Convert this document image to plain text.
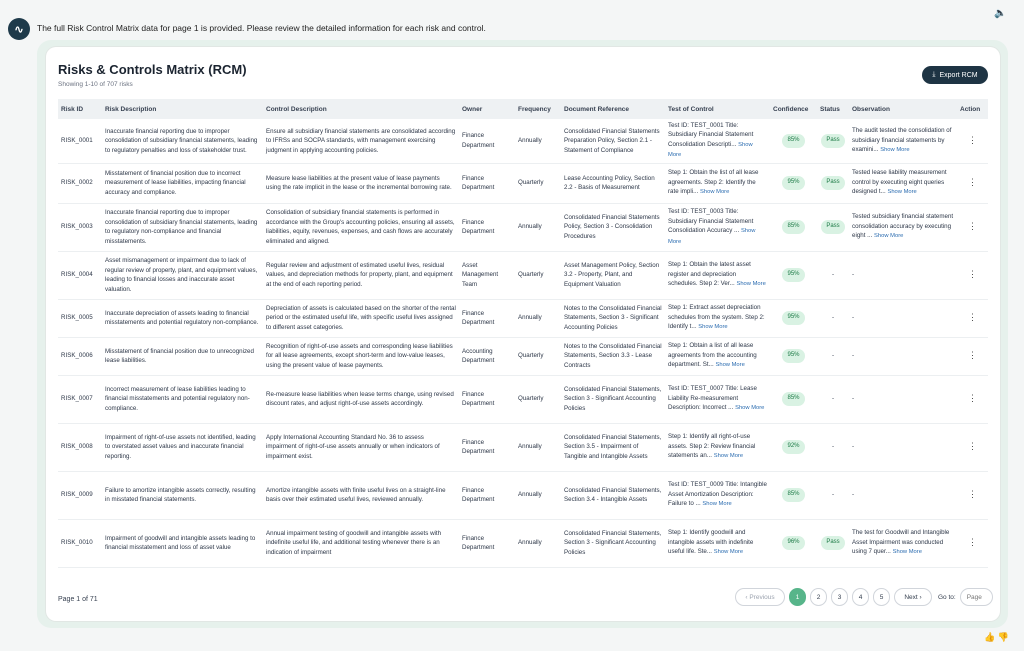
∿	The full Risk Control Matrix data for page 1 is provided. Please review the detailed information for each risk and control.
🔈
Risks & Controls Matrix (RCM)
Showing 1-10 of 707 risks
⤓ Export RCM
Risk ID	Risk Description	Control Description	Owner	Frequency	Document Reference	Test of Control	Confidence	Status	Observation	Action
RISK_0001	Inaccurate financial reporting due to improper consolidation of subsidiary financial statements, leading to regulatory penalties and loss of stakeholder trust.	Ensure all subsidiary financial statements are consolidated according to IFRSs and SOCPA standards, with management exercising judgment in applying accounting policies.	Finance Department	Annually	Consolidated Financial Statements Preparation Policy, Section 2.1 - Statement of Compliance	Test ID: TEST_0001 Title: Subsidiary Financial Statement Consolidation Descripti... Show More	85%	Pass	The audit tested the consolidation of subsidiary financial statements by examini... Show More	⋮
RISK_0002	Misstatement of financial position due to incorrect measurement of lease liabilities, impacting financial accuracy and compliance.	Measure lease liabilities at the present value of lease payments using the rate implicit in the lease or the incremental borrowing rate.	Finance Department	Quarterly	Lease Accounting Policy, Section 2.2 - Basis of Measurement	Step 1: Obtain the list of all lease agreements. Step 2: Identify the rate impli... Show More	95%	Pass	Tested lease liability measurement control by executing eight queries designed t... Show More	⋮
RISK_0003	Inaccurate financial reporting due to improper consolidation of subsidiary financial statements, leading to regulatory non-compliance and financial misstatements.	Consolidation of subsidiary financial statements is performed in accordance with the Group's accounting policies, ensuring all assets, liabilities, equity, revenues, expenses, and cash flows are accurately eliminated and aligned.	Finance Department	Annually	Consolidated Financial Statements Policy, Section 3 - Consolidation Procedures	Test ID: TEST_0003 Title: Subsidiary Financial Statement Consolidation Accuracy ... Show More	85%	Pass	Tested subsidiary financial statement consolidation accuracy by executing eight ... Show More	⋮
RISK_0004	Asset mismanagement or impairment due to lack of regular review of property, plant, and equipment values, leading to financial losses and inaccurate asset valuation.	Regular review and adjustment of estimated useful lives, residual values, and depreciation methods for property, plant, and equipment at the end of each reporting period.	Asset Management Team	Quarterly	Asset Management Policy, Section 3.2 - Property, Plant, and Equipment Valuation	Step 1: Obtain the latest asset register and depreciation schedules. Step 2: Ver... Show More	95%	-	-	⋮
RISK_0005	Inaccurate depreciation of assets leading to financial misstatements and potential regulatory non-compliance.	Depreciation of assets is calculated based on the shorter of the rental period or the estimated useful life, with specific useful lives assigned to different asset categories.	Finance Department	Annually	Notes to the Consolidated Financial Statements, Section 3 - Significant Accounting Policies	Step 1: Extract asset depreciation schedules from the system. Step 2: Identify t... Show More	95%	-	-	⋮
RISK_0006	Misstatement of financial position due to unrecognized lease liabilities.	Recognition of right-of-use assets and corresponding lease liabilities for all lease agreements, except short-term and low-value leases, using the present value of lease payments.	Accounting Department	Quarterly	Notes to the Consolidated Financial Statements, Section 3.3 - Lease Contracts	Step 1: Obtain a list of all lease agreements from the accounting department. St... Show More	95%	-	-	⋮
RISK_0007	Incorrect measurement of lease liabilities leading to financial misstatements and potential regulatory non-compliance.	Re-measure lease liabilities when lease terms change, using revised discount rates, and adjust right-of-use assets accordingly.	Finance Department	Quarterly	Consolidated Financial Statements, Section 3 - Significant Accounting Policies	Test ID: TEST_0007 Title: Lease Liability Re-measurement Description: Incorrect ... Show More	85%	-	-	⋮
RISK_0008	Impairment of right-of-use assets not identified, leading to overstated asset values and inaccurate financial reporting.	Apply International Accounting Standard No. 36 to assess impairment of right-of-use assets annually or when indicators of impairment exist.	Finance Department	Annually	Consolidated Financial Statements, Section 3.5 - Impairment of Tangible and Intangible Assets	Step 1: Identify all right-of-use assets. Step 2: Review financial statements an... Show More	92%	-	-	⋮
RISK_0009	Failure to amortize intangible assets correctly, resulting in misstated financial statements.	Amortize intangible assets with finite useful lives on a straight-line basis over their estimated useful lives, reviewed annually.	Finance Department	Annually	Consolidated Financial Statements, Section 3.4 - Intangible Assets	Test ID: TEST_0009 Title: Intangible Asset Amortization Description: Failure to ... Show More	85%	-	-	⋮
RISK_0010	Impairment of goodwill and intangible assets leading to financial misstatement and loss of asset value	Annual impairment testing of goodwill and intangible assets with indefinite useful life, and additional testing whenever there is an indication of impairment	Finance Department	Annually	Consolidated Financial Statements, Section 3 - Significant Accounting Policies	Step 1: Identify goodwill and intangible assets with indefinite useful life. Ste... Show More	96%	Pass	The test for Goodwill and Intangible Asset Impairment was conducted using 7 quer... Show More	⋮
Page 1 of 71	‹ Previous	1	2	3	4	5	Next ›	Go to:
Page
👍 👎
